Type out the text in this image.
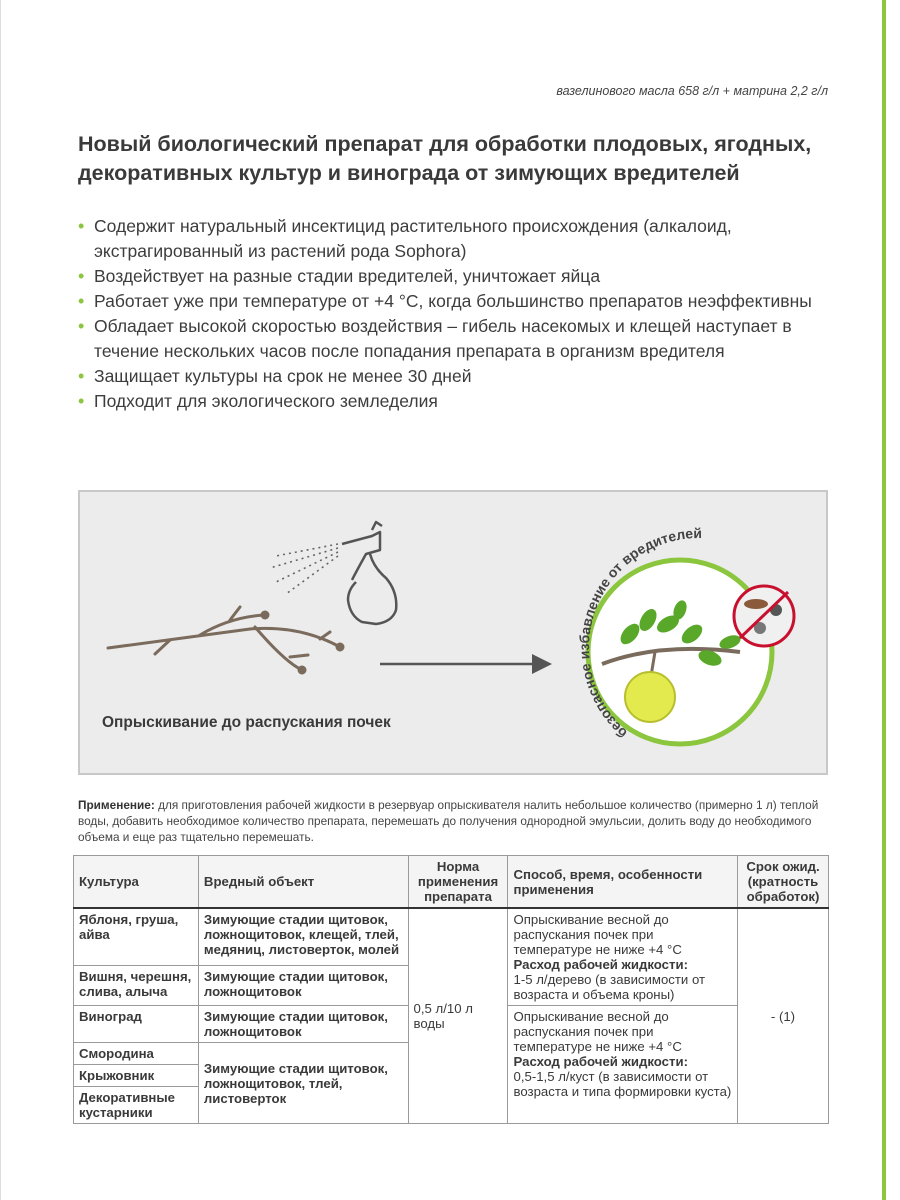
вазелинового масла 658 г/л + матрина 2,2 г/л
Новый биологический препарат для обработки плодовых, ягодных, декоративных культур и винограда от зимующих вредителей
• Содержит натуральный инсектицид растительного происхождения (алкалоид, экстрагированный из растений рода Sophora)
• Воздействует на разные стадии вредителей, уничтожает яйца
• Работает уже при температуре от +4 °С, когда большинство препаратов неэффективны
• Обладает высокой скоростью воздействия – гибель насекомых и клещей наступает в течение нескольких часов после попадания препарата в организм вредителя
• Защищает культуры на срок не менее 30 дней
• Подходит для экологического земледелия
безопасное избавление от вредителей
Опрыскивание до распускания почек

Применение: для приготовления рабочей жидкости в резервуар опрыскивателя налить небольшое количество (примерно 1 л) теплой воды, добавить необходимое количество препарата, перемешать до получения однородной эмульсии, долить воду до необходимого объема и еще раз тщательно перемешать.

Культура	Вредный объект	Норма применения препарата	Способ, время, особенности применения	Срок ожид. (кратность обработок)
Яблоня, груша, айва	Зимующие стадии щитовок, ложнощитовок, клещей, тлей, медяниц, листоверток, молей	0,5 л/10 л воды	Опрыскивание весной до распускания почек при температуре не ниже +4 °С
Расход рабочей жидкости:
1-5 л/дерево (в зависимости от возраста и объема кроны)	- (1)
Вишня, черешня, слива, алыча	Зимующие стадии щитовок, ложнощитовок			
Виноград	Зимующие стадии щитовок, ложнощитовок		Опрыскивание весной до распускания почек при температуре не ниже +4 °С
Расход рабочей жидкости:
0,5-1,5 л/куст (в зависимости от возраста и типа формировки куста)	

Смородина	Зимующие стадии щитовок, ложнощитовок, тлей, листоверток			
Крыжовник				
Декоративные кустарники				
